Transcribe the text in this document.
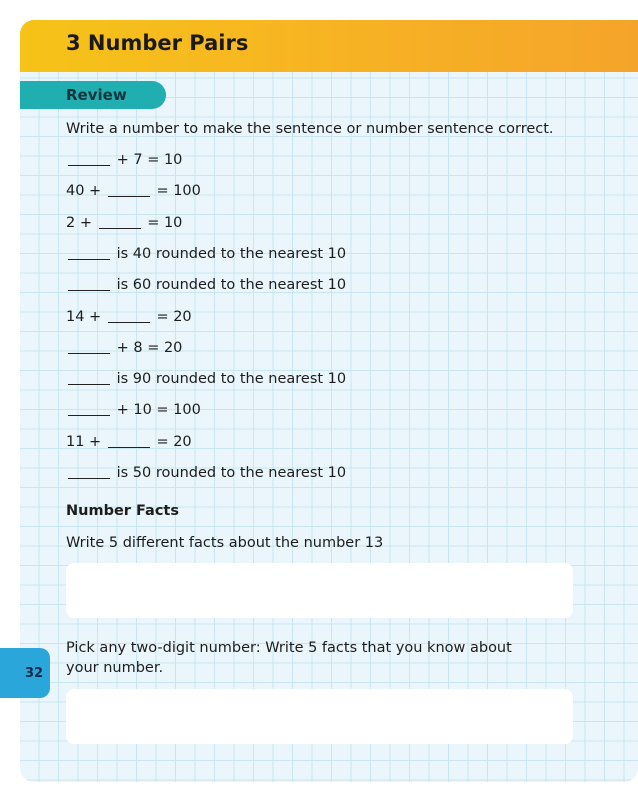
3 Number Pairs
Review
Write a number to make the sentence or number sentence correct.
+ 7 = 10
40 +	= 100
2 +	= 10
is 40 rounded to the nearest 10
is 60 rounded to the nearest 10
14 +	= 20
+ 8 = 20
is 90 rounded to the nearest 10
+ 10 = 100
11 +	= 20
is 50 rounded to the nearest 10
Number Facts
Write 5 different facts about the number 13
Pick any two-digit number: Write 5 facts that you know about
your number.
32
